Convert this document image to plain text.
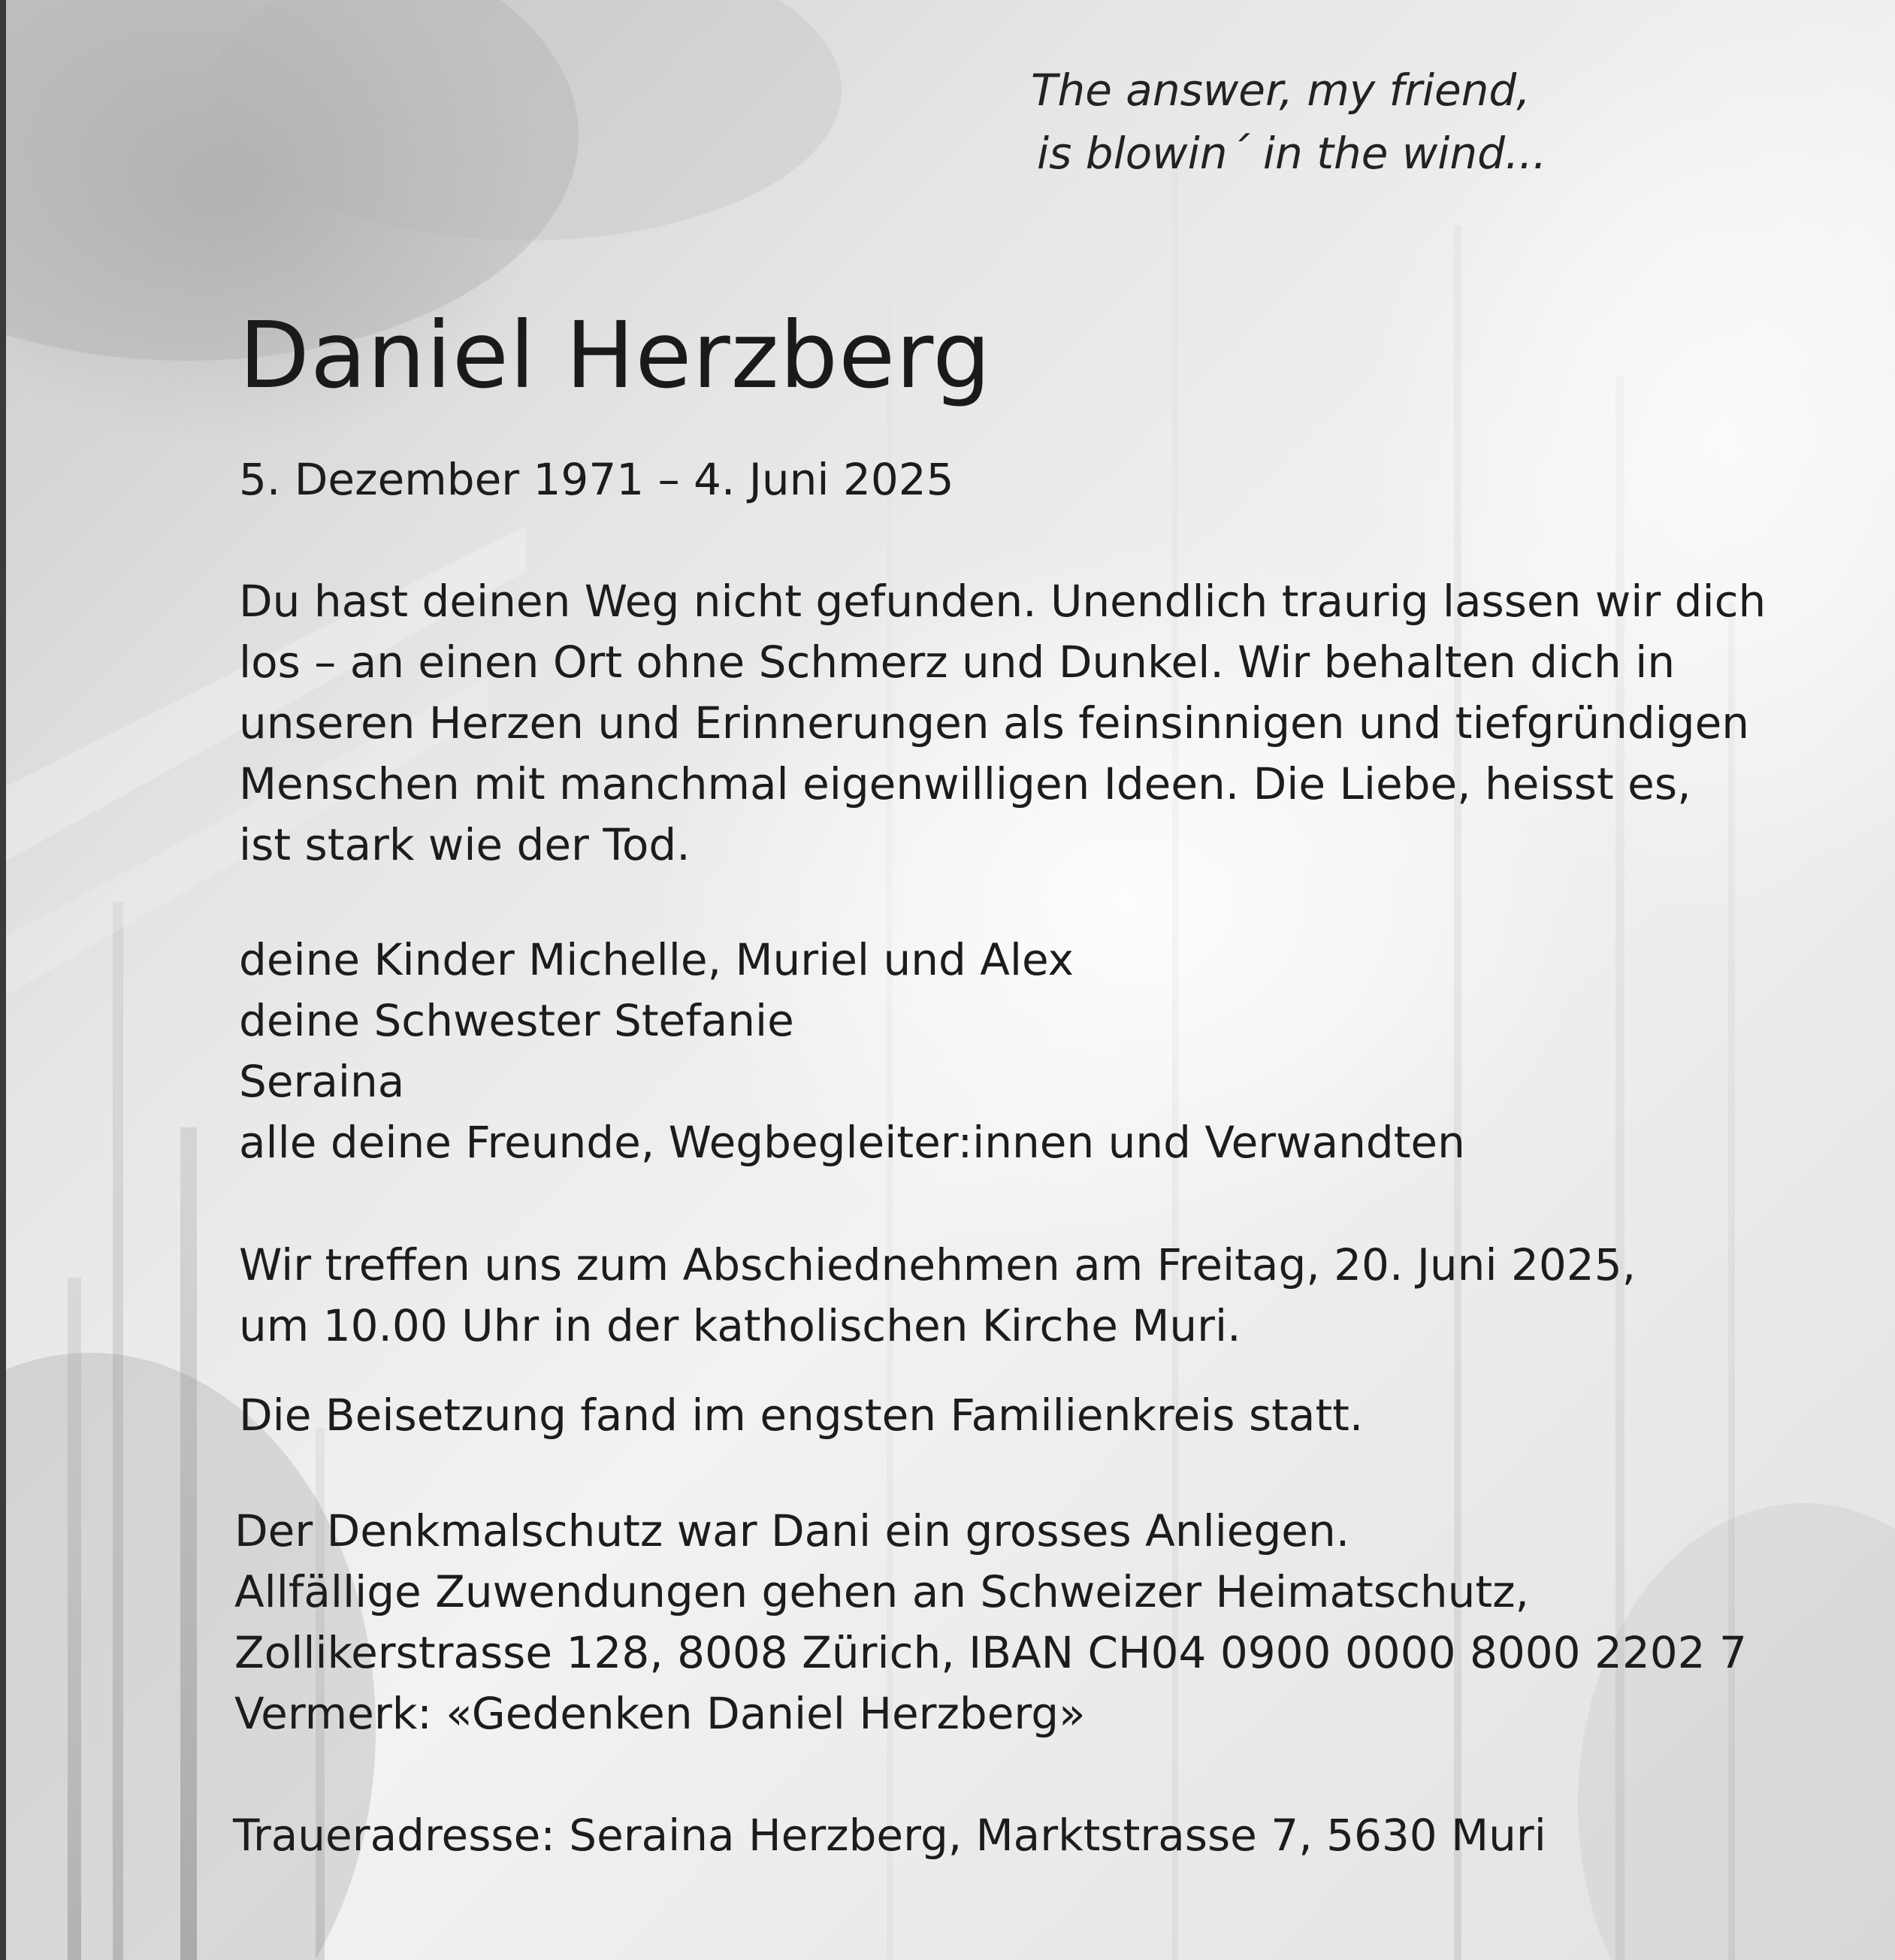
The answer, my friend,
is blowin´ in the wind...
Daniel Herzberg
5. Dezember 1971 – 4. Juni 2025
Du hast deinen Weg nicht gefunden. Unendlich traurig lassen wir dich
los – an einen Ort ohne Schmerz und Dunkel. Wir behalten dich in
unseren Herzen und Erinnerungen als feinsinnigen und tiefgründigen
Menschen mit manchmal eigenwilligen Ideen. Die Liebe, heisst es,
ist stark wie der Tod.
deine Kinder Michelle, Muriel und Alex
deine Schwester Stefanie
Seraina
alle deine Freunde, Wegbegleiter:innen und Verwandten
Wir treffen uns zum Abschiednehmen am Freitag, 20. Juni 2025,
um 10.00 Uhr in der katholischen Kirche Muri.
Die Beisetzung fand im engsten Familienkreis statt.
Der Denkmalschutz war Dani ein grosses Anliegen.
Allfällige Zuwendungen gehen an Schweizer Heimatschutz,
Zollikerstrasse 128, 8008 Zürich, IBAN CH04 0900 0000 8000 2202 7
Vermerk: «Gedenken Daniel Herzberg»
Traueradresse: Seraina Herzberg, Marktstrasse 7, 5630 Muri
